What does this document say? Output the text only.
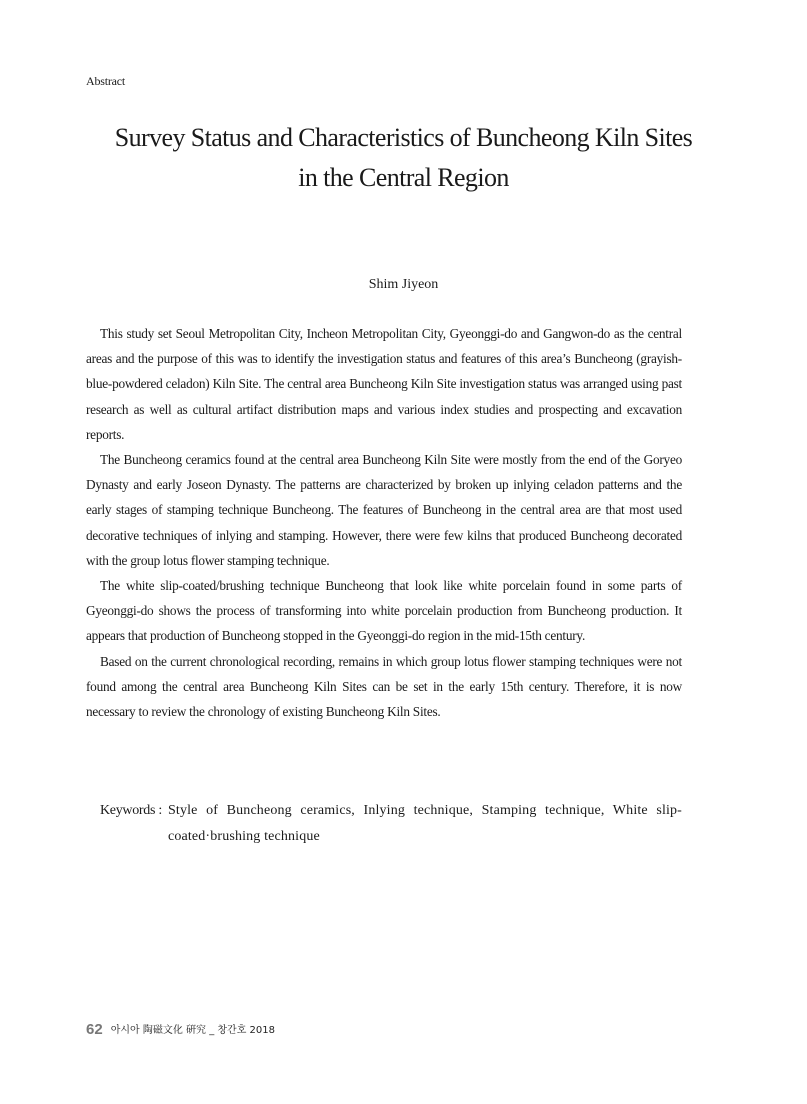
Abstract
Survey Status and Characteristics of Buncheong Kiln Sites
in the Central Region
Shim Jiyeon

This study set Seoul Metropolitan City, Incheon Metropolitan City, Gyeonggi-do and Gangwon-do as the central areas and the purpose of this was to identify the investigation status and features of this area’s Buncheong (grayish-blue-powdered celadon) Kiln Site. The central area Buncheong Kiln Site investigation status was arranged using past research as well as cultural artifact distribution maps and various index studies and prospecting and excavation reports.

The Buncheong ceramics found at the central area Buncheong Kiln Site were mostly from the end of the Goryeo Dynasty and early Joseon Dynasty. The patterns are characterized by broken up inlying celadon patterns and the early stages of stamping technique Buncheong. The features of Buncheong in the central area are that most used decorative techniques of inlying and stamping. However, there were few kilns that produced Buncheong decorated with the group lotus flower stamping technique.

The white slip-coated/brushing technique Buncheong that look like white porcelain found in some parts of Gyeonggi-do shows the process of transforming into white porcelain production from Buncheong production. It appears that production of Buncheong stopped in the Gyeonggi-do region in the mid-15th century.

Based on the current chronological recording, remains in which group lotus flower stamping techniques were not found among the central area Buncheong Kiln Sites can be set in the early 15th century. Therefore, it is now necessary to review the chronology of existing Buncheong Kiln Sites.

Keywords : Style of Buncheong ceramics, Inlying technique, Stamping technique, White slip-coated·brushing technique
62 아시아 陶磁文化 硏究 _ 창간호 2018
